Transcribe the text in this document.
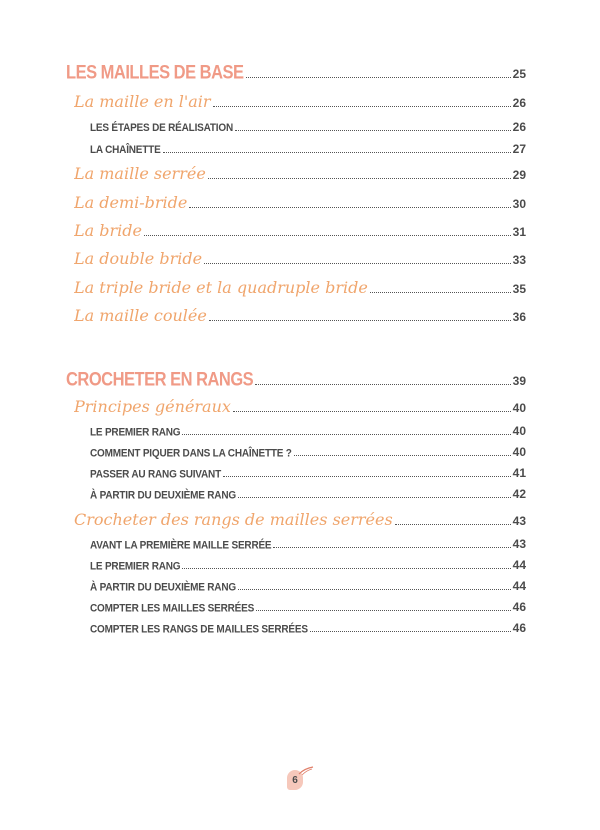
LES MAILLES DE BASE	25
La maille en l'air	26
LES ÉTAPES DE RÉALISATION	26
LA CHAÎNETTE	27
La maille serrée	29
La demi-bride	30
La bride	31
La double bride	33
La triple bride et la quadruple bride	35
La maille coulée	36
CROCHETER EN RANGS	39
Principes généraux	40
LE PREMIER RANG	40
COMMENT PIQUER DANS LA CHAÎNETTE ?	40
PASSER AU RANG SUIVANT	41
À PARTIR DU DEUXIÈME RANG	42
Crocheter des rangs de mailles serrées	43
AVANT LA PREMIÈRE MAILLE SERRÉE	43
LE PREMIER RANG	44
À PARTIR DU DEUXIÈME RANG	44
COMPTER LES MAILLES SERRÉES	46
COMPTER LES RANGS DE MAILLES SERRÉES	46
6
